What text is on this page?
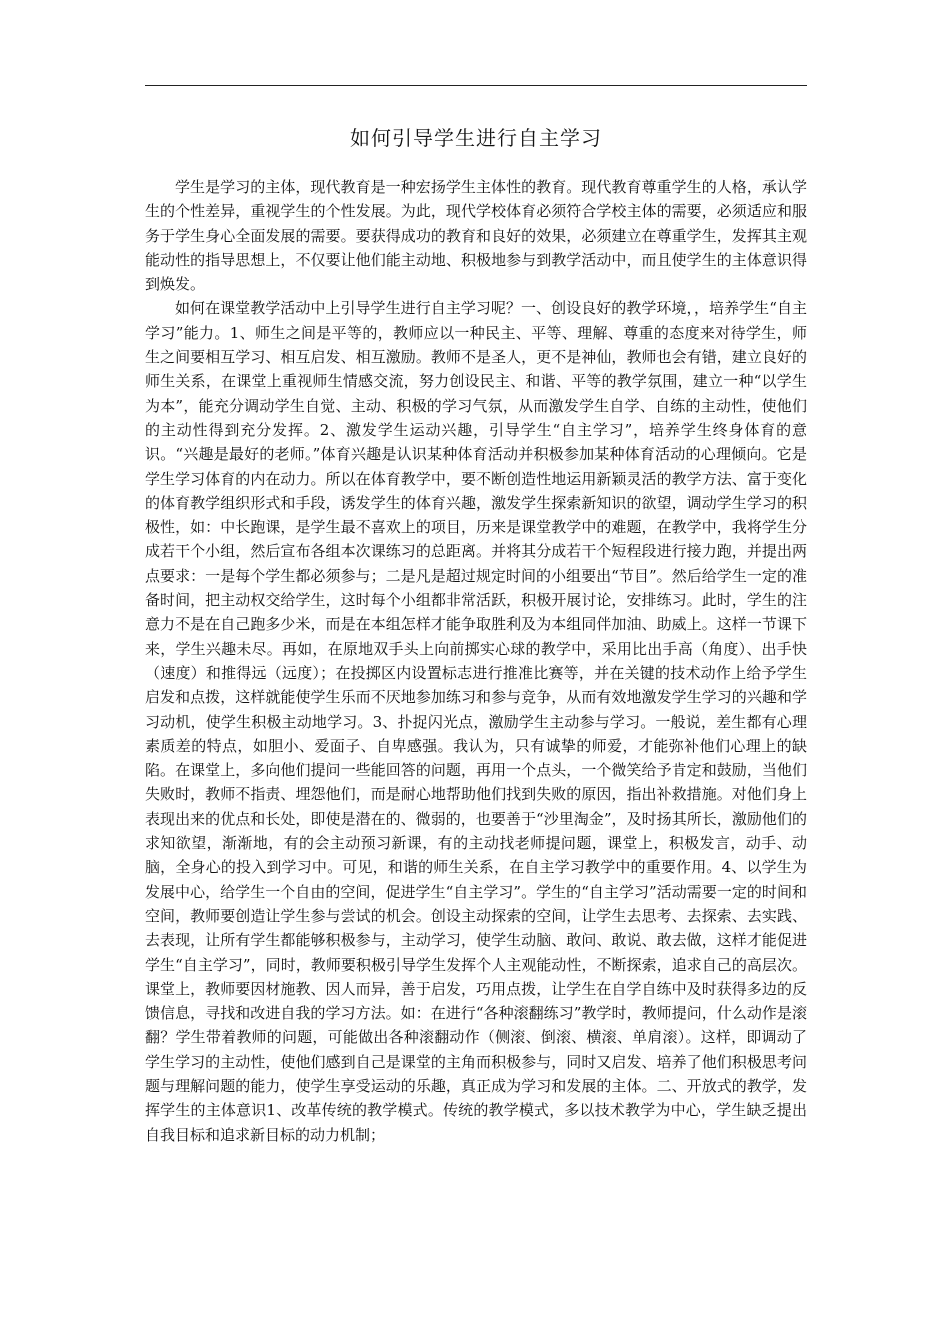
如何引导学生进行自主学习

学生是学习的主体，现代教育是一种宏扬学生主体性的教育。现代教育尊重学生的人格，承认学生的个性差异，重视学生的个性发展。为此，现代学校体育必须符合学校主体的需要，必须适应和服务于学生身心全面发展的需要。要获得成功的教育和良好的效果，必须建立在尊重学生，发挥其主观能动性的指导思想上，不仅要让他们能主动地、积极地参与到教学活动中，而且使学生的主体意识得到焕发。

如何在课堂教学活动中上引导学生进行自主学习呢？一、创设良好的教学环境，，培养学生“自主学习”能力。1、师生之间是平等的，教师应以一种民主、平等、理解、尊重的态度来对待学生，师生之间要相互学习、相互启发、相互激励。教师不是圣人，更不是神仙，教师也会有错，建立良好的师生关系，在课堂上重视师生情感交流，努力创设民主、和谐、平等的教学氛围，建立一种“以学生为本”，能充分调动学生自觉、主动、积极的学习气氛，从而激发学生自学、自练的主动性，使他们的主动性得到充分发挥。2、激发学生运动兴趣，引导学生“自主学习”，培养学生终身体育的意识。“兴趣是最好的老师。”体育兴趣是认识某种体育活动并积极参加某种体育活动的心理倾向。它是学生学习体育的内在动力。所以在体育教学中，要不断创造性地运用新颖灵活的教学方法、富于变化的体育教学组织形式和手段，诱发学生的体育兴趣，激发学生探索新知识的欲望，调动学生学习的积极性，如：中长跑课，是学生最不喜欢上的项目，历来是课堂教学中的难题，在教学中，我将学生分成若干个小组，然后宣布各组本次课练习的总距离。并将其分成若干个短程段进行接力跑，并提出两点要求：一是每个学生都必须参与；二是凡是超过规定时间的小组要出“节目”。然后给学生一定的准备时间，把主动权交给学生，这时每个小组都非常活跃，积极开展讨论，安排练习。此时，学生的注意力不是在自己跑多少米，而是在本组怎样才能争取胜利及为本组同伴加油、助威上。这样一节课下来，学生兴趣未尽。再如，在原地双手头上向前掷实心球的教学中，采用比出手高（角度）、出手快（速度）和推得远（远度）；在投掷区内设置标志进行推准比赛等，并在关键的技术动作上给予学生启发和点拨，这样就能使学生乐而不厌地参加练习和参与竞争，从而有效地激发学生学习的兴趣和学习动机，使学生积极主动地学习。3、扑捉闪光点，激励学生主动参与学习。一般说，差生都有心理素质差的特点，如胆小、爱面子、自卑感强。我认为，只有诚挚的师爱，才能弥补他们心理上的缺陷。在课堂上，多向他们提问一些能回答的问题，再用一个点头，一个微笑给予肯定和鼓励，当他们失败时，教师不指责、埋怨他们，而是耐心地帮助他们找到失败的原因，指出补救措施。对他们身上表现出来的优点和长处，即使是潜在的、微弱的，也要善于“沙里淘金”，及时扬其所长，激励他们的求知欲望，渐渐地，有的会主动预习新课，有的主动找老师提问题，课堂上，积极发言，动手、动脑，全身心的投入到学习中。可见，和谐的师生关系，在自主学习教学中的重要作用。4、以学生为发展中心，给学生一个自由的空间，促进学生“自主学习”。学生的“自主学习”活动需要一定的时间和空间，教师要创造让学生参与尝试的机会。创设主动探索的空间，让学生去思考、去探索、去实践、去表现，让所有学生都能够积极参与，主动学习，使学生动脑、敢问、敢说、敢去做，这样才能促进学生“自主学习”，同时，教师要积极引导学生发挥个人主观能动性，不断探索，追求自己的高层次。课堂上，教师要因材施教、因人而异，善于启发，巧用点拨，让学生在自学自练中及时获得多边的反馈信息，寻找和改进自我的学习方法。如：在进行“各种滚翻练习”教学时，教师提问，什么动作是滚翻？学生带着教师的问题，可能做出各种滚翻动作（侧滚、倒滚、横滚、单肩滚）。这样，即调动了学生学习的主动性，使他们感到自己是课堂的主角而积极参与，同时又启发、培养了他们积极思考问题与理解问题的能力，使学生享受运动的乐趣，真正成为学习和发展的主体。二、开放式的教学，发挥学生的主体意识1、改革传统的教学模式。传统的教学模式，多以技术教学为中心，学生缺乏提出自我目标和追求新目标的动力机制；
